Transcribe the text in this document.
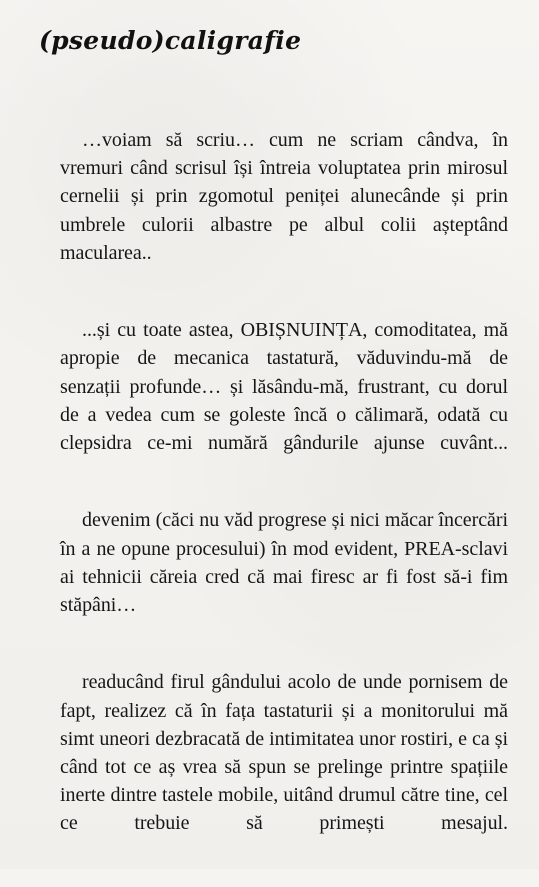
(pseudo)caligrafie

…voiam să scriu… cum ne scriam cândva, în vremuri când scrisul își întreia voluptatea prin mirosul cernelii și prin zgomotul peniței alunecânde și prin umbrele culorii albastre pe albul colii așteptând macularea..

...și cu toate astea, OBIȘNUINȚA, comoditatea, mă apropie de mecanica tastatură, văduvindu-mă de senzații profunde… și lăsându-mă, frustrant, cu dorul de a vedea cum se goleste încă o călimară, odată cu clepsidra ce-mi numără gândurile ajunse cuvânt...

devenim (căci nu văd progrese și nici măcar încercări în a ne opune procesului) în mod evident, PREA-sclavi ai tehnicii căreia cred că mai firesc ar fi fost să-i fim stăpâni…

readucând firul gândului acolo de unde pornisem de fapt, realizez că în fața tastaturii și a monitorului mă simt uneori dezbracată de intimitatea unor rostiri, e ca și când tot ce aș vrea să spun se prelinge printre spațiile inerte dintre tastele mobile, uitând drumul către tine, cel ce trebuie să primești mesajul.
